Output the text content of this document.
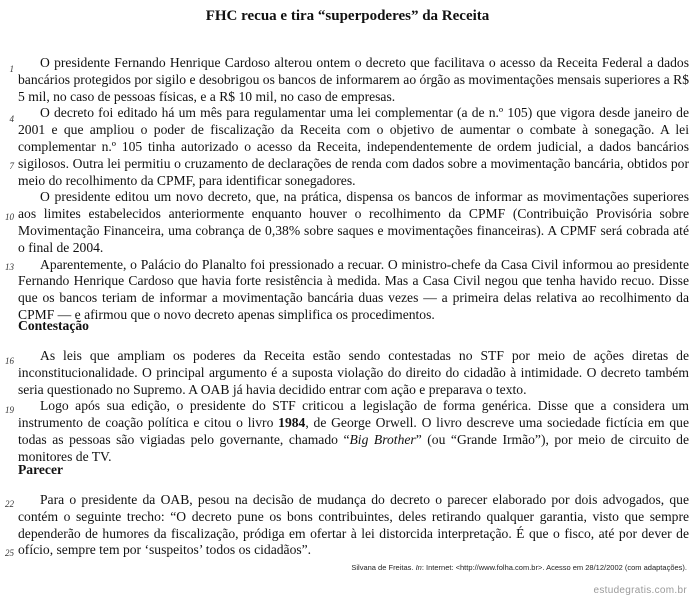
FHC recua e tira “superpoderes” da Receita
1
4
7
10
13
16
19
22
25

O presidente Fernando Henrique Cardoso alterou ontem o decreto que facilitava o acesso da Receita Federal a dados bancários protegidos por sigilo e desobrigou os bancos de informarem ao órgão as movimentações mensais superiores a R$ 5 mil, no caso de pessoas físicas, e a R$ 10 mil, no caso de empresas.

O decreto foi editado há um mês para regulamentar uma lei complementar (a de n.º 105) que vigora desde janeiro de 2001 e que ampliou o poder de fiscalização da Receita com o objetivo de aumentar o combate à sonegação. A lei complementar n.º 105 tinha autorizado o acesso da Receita, independentemente de ordem judicial, a dados bancários sigilosos. Outra lei permitiu o cruzamento de declarações de renda com dados sobre a movimentação bancária, obtidos por meio do recolhimento da CPMF, para identificar sonegadores.

O presidente editou um novo decreto, que, na prática, dispensa os bancos de informar as movimentações superiores aos limites estabelecidos anteriormente enquanto houver o recolhimento da CPMF (Contribuição Provisória sobre Movimentação Financeira, uma cobrança de 0,38% sobre saques e movimentações financeiras). A CPMF será cobrada até o final de 2004.

Aparentemente, o Palácio do Planalto foi pressionado a recuar. O ministro-chefe da Casa Civil informou ao presidente Fernando Henrique Cardoso que havia forte resistência à medida. Mas a Casa Civil negou que tenha havido recuo. Disse que os bancos teriam de informar a movimentação bancária duas vezes — a primeira delas relativa ao recolhimento da CPMF — e afirmou que o novo decreto apenas simplifica os procedimentos.

Contestação

As leis que ampliam os poderes da Receita estão sendo contestadas no STF por meio de ações diretas de inconstitucionalidade. O principal argumento é a suposta violação do direito do cidadão à intimidade. O decreto também seria questionado no Supremo. A OAB já havia decidido entrar com ação e preparava o texto.

Logo após sua edição, o presidente do STF criticou a legislação de forma genérica. Disse que a considera um instrumento de coação política e citou o livro 1984, de George Orwell. O livro descreve uma sociedade fictícia em que todas as pessoas são vigiadas pelo governante, chamado “Big Brother” (ou “Grande Irmão”), por meio de circuito de monitores de TV.

Parecer

Para o presidente da OAB, pesou na decisão de mudança do decreto o parecer elaborado por dois advogados, que contém o seguinte trecho: “O decreto pune os bons contribuintes, deles retirando qualquer garantia, visto que sempre dependerão de humores da fiscalização, pródiga em ofertar à lei distorcida interpretação. É que o fisco, até por dever de ofício, sempre tem por ‘suspeitos’ todos os cidadãos”.

Silvana de Freitas. In: Internet: <http://www.folha.com.br>. Acesso em 28/12/2002 (com adaptações).
estudegratis.com.br
